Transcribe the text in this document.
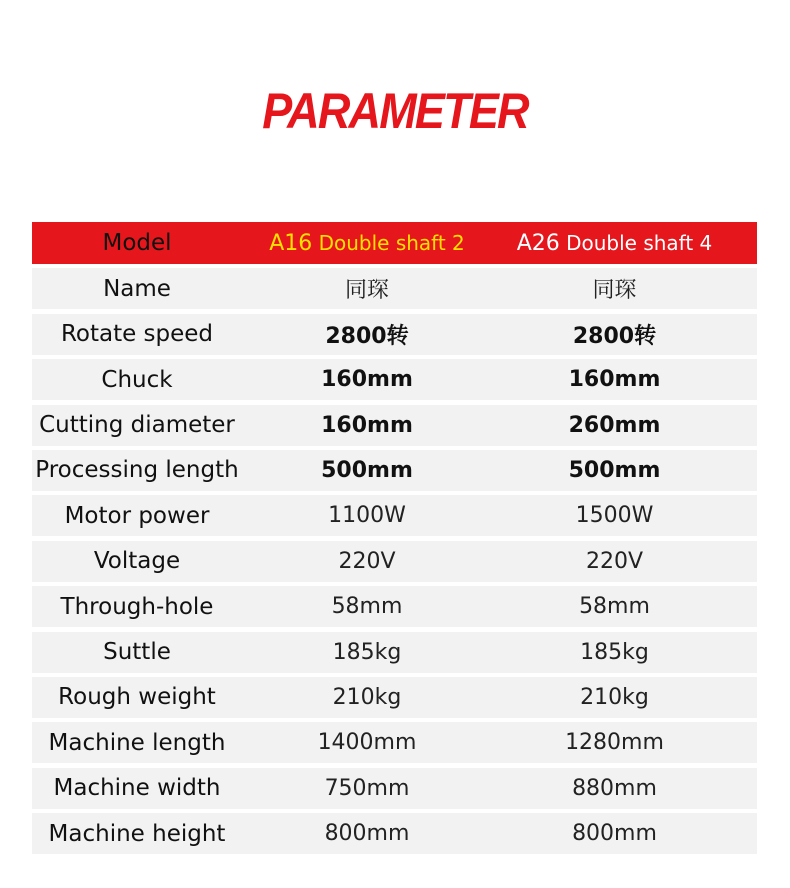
PARAMETER
Model	A16 Double shaft 2	A26 Double shaft 4
Name	同琛	同琛
Rotate speed	2800转	2800转
Chuck	160mm	160mm
Cutting diameter	160mm	260mm
Processing length	500mm	500mm
Motor power	1100W	1500W
Voltage	220V	220V
Through-hole	58mm	58mm
Suttle	185kg	185kg
Rough weight	210kg	210kg
Machine length	1400mm	1280mm
Machine width	750mm	880mm
Machine height	800mm	800mm
